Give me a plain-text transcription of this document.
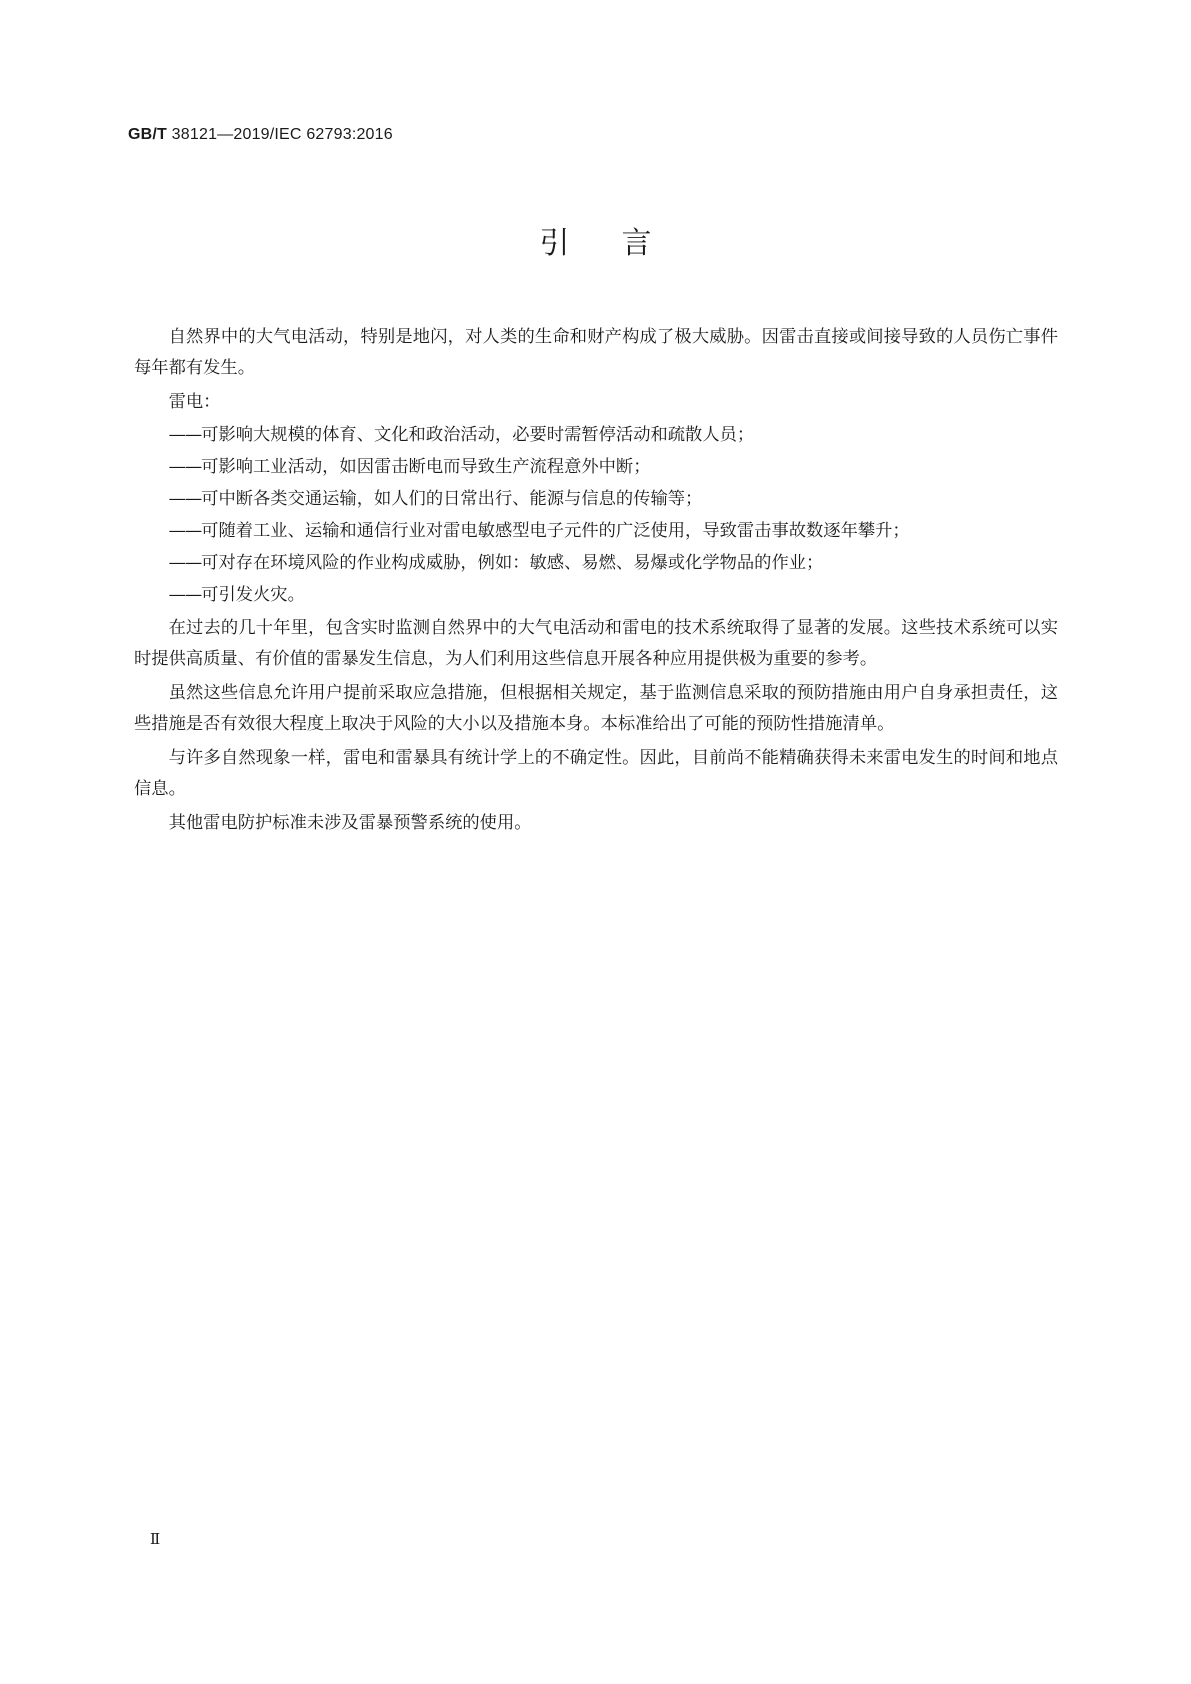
GB/T 38121—2019/IEC 62793:2016
引言

自然界中的大气电活动，特别是地闪，对人类的生命和财产构成了极大威胁。因雷击直接或间接导致的人员伤亡事件每年都有发生。

雷电：

——可影响大规模的体育、文化和政治活动，必要时需暂停活动和疏散人员；
——可影响工业活动，如因雷击断电而导致生产流程意外中断；
——可中断各类交通运输，如人们的日常出行、能源与信息的传输等；
——可随着工业、运输和通信行业对雷电敏感型电子元件的广泛使用，导致雷击事故数逐年攀升；
——可对存在环境风险的作业构成威胁，例如：敏感、易燃、易爆或化学物品的作业；
——可引发火灾。

在过去的几十年里，包含实时监测自然界中的大气电活动和雷电的技术系统取得了显著的发展。这些技术系统可以实时提供高质量、有价值的雷暴发生信息，为人们利用这些信息开展各种应用提供极为重要的参考。

虽然这些信息允许用户提前采取应急措施，但根据相关规定，基于监测信息采取的预防措施由用户自身承担责任，这些措施是否有效很大程度上取决于风险的大小以及措施本身。本标准给出了可能的预防性措施清单。

与许多自然现象一样，雷电和雷暴具有统计学上的不确定性。因此，目前尚不能精确获得未来雷电发生的时间和地点信息。

其他雷电防护标准未涉及雷暴预警系统的使用。

Ⅱ
